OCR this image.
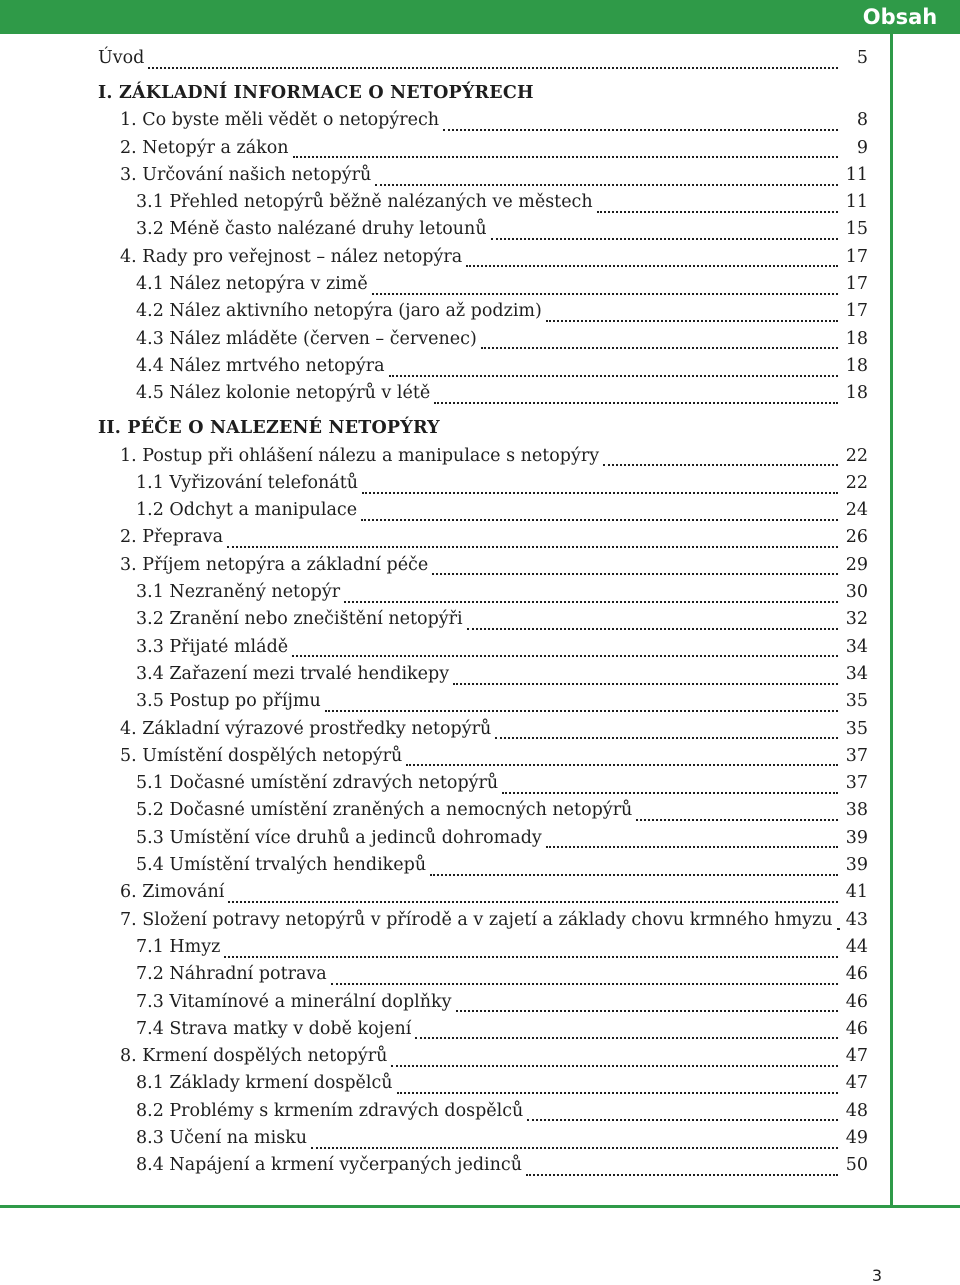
Obsah
Úvod	5
I. ZÁKLADNÍ INFORMACE O NETOPÝRECH
1. Co byste měli vědět o netopýrech	8
2. Netopýr a zákon	9
3. Určování našich netopýrů	11
3.1 Přehled netopýrů běžně nalézaných ve městech	11
3.2 Méně často nalézané druhy letounů	15
4. Rady pro veřejnost – nález netopýra	17
4.1 Nález netopýra v zimě	17
4.2 Nález aktivního netopýra (jaro až podzim)	17
4.3 Nález mláděte (červen – červenec)	18
4.4 Nález mrtvého netopýra	18
4.5 Nález kolonie netopýrů v létě	18
II. PÉČE O NALEZENÉ NETOPÝRY
1. Postup při ohlášení nálezu a manipulace s netopýry	22
1.1 Vyřizování telefonátů	22
1.2 Odchyt a manipulace	24
2. Přeprava	26
3. Příjem netopýra a základní péče	29
3.1 Nezraněný netopýr	30
3.2 Zranění nebo znečištění netopýři	32
3.3 Přijaté mládě	34
3.4 Zařazení mezi trvalé hendikepy	34
3.5 Postup po příjmu	35
4. Základní výrazové prostředky netopýrů	35
5. Umístění dospělých netopýrů	37
5.1 Dočasné umístění zdravých netopýrů	37
5.2 Dočasné umístění zraněných a nemocných netopýrů	38
5.3 Umístění více druhů a jedinců dohromady	39
5.4 Umístění trvalých hendikepů	39
6. Zimování	41
7. Složení potravy netopýrů v přírodě a v zajetí a základy chovu krmného hmyzu 43
7.1 Hmyz	44
7.2 Náhradní potrava	46
7.3 Vitamínové a minerální doplňky	46
7.4 Strava matky v době kojení	46
8. Krmení dospělých netopýrů	47
8.1 Základy krmení dospělců	47
8.2 Problémy s krmením zdravých dospělců	48
8.3 Učení na misku	49
8.4 Napájení a krmení vyčerpaných jedinců	50
3
